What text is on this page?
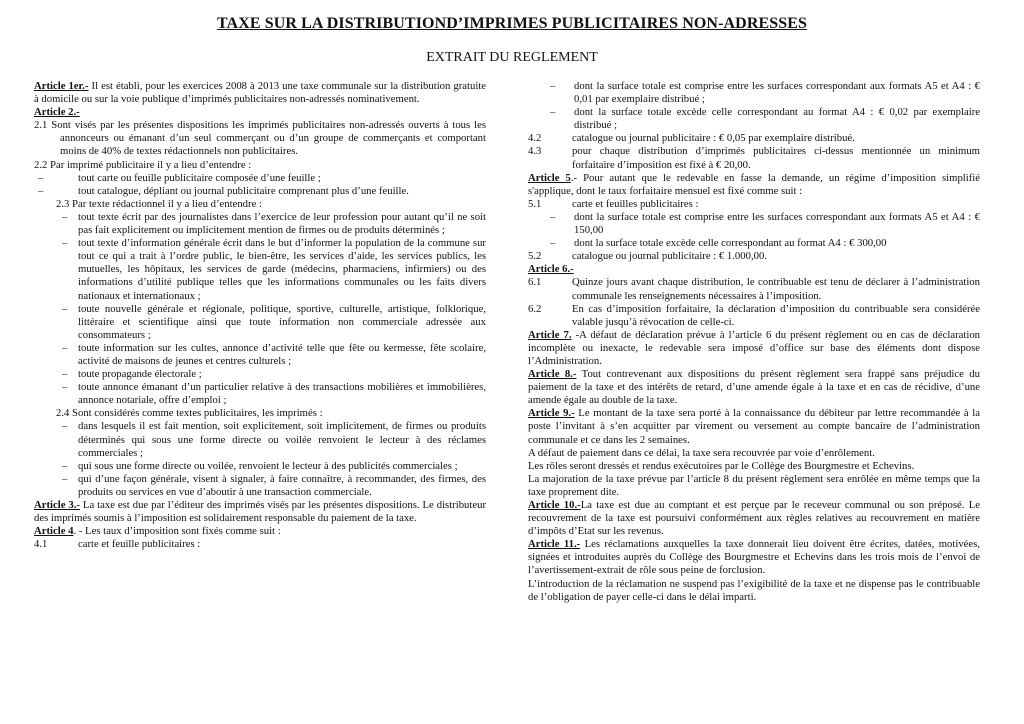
TAXE SUR LA DISTRIBUTIOND’IMPRIMES PUBLICITAIRES NON-ADRESSES
EXTRAIT DU REGLEMENT

Article 1er.- Il est établi, pour les exercices 2008 à 2013 une taxe communale sur la distribution gratuite à domicile ou sur la voie publique d’imprimés publicitaires non-adressés nominativement.

Article 2.-

2.1 Sont visés par les présentes dispositions les imprimés publicitaires non-adressés ouverts à tous les annonceurs ou émanant d’un seul commerçant ou d’un groupe de commerçants et comportant moins de 40% de textes rédactionnels non publicitaires.

2.2 Par imprimé publicitaire il y a lieu d’entendre :

– tout carte ou feuille publicitaire composée d’une feuille ;

– tout catalogue, dépliant ou journal publicitaire comprenant plus d’une feuille.

2.3 Par texte rédactionnel il y a lieu d’entendre :

– tout texte écrit par des journalistes dans l’exercice de leur profession pour autant qu’il ne soit pas fait explicitement ou implicitement mention de firmes ou de produits déterminés ;

– tout texte d’information générale écrit dans le but d’informer la population de la commune sur tout ce qui a trait à l’ordre public, le bien-être, les services d’aide, les services publics, les mutuelles, les hôpitaux, les services de garde (médecins, pharmaciens, infirmiers) ou des informations d’utilité publique telles que les informations communales ou les faits divers nationaux et internationaux ;

– toute nouvelle générale et régionale, politique, sportive, culturelle, artistique, folklorique, littéraire et scientifique ainsi que toute information non commerciale adressée aux consommateurs ;

– toute information sur les cultes, annonce d’activité telle que fête ou kermesse, fête scolaire, activité de maisons de jeunes et centres culturels ;

– toute propagande électorale ;

– toute annonce émanant d’un particulier relative à des transactions mobilières et immobilières, annonce notariale, offre d’emploi ;

2.4 Sont considérés comme textes publicitaires, les imprimés :

– dans lesquels il est fait mention, soit explicitement, soit implicitement, de firmes ou produits déterminés qui sous une forme directe ou voilée renvoient le lecteur à des réclames commerciales ;

– qui sous une forme directe ou voilée, renvoient le lecteur à des publicités commerciales ;

– qui d’une façon générale, visent à signaler, à faire connaître, à recommander, des firmes, des produits ou services en vue d’aboutir à une transaction commerciale.

Article 3.- La taxe est due par l’éditeur des imprimés visés par les présentes dispositions. Le distributeur des imprimés soumis à l’imposition est solidairement responsable du paiement de la taxe.

Article 4. - Les taux d’imposition sont fixés comme suit :

4.1	carte et feuille publicitaires :

– dont la surface totale est comprise entre les surfaces correspondant aux formats A5 et A4 : € 0,01 par exemplaire distribué ;

– dont la surface totale excède celle correspondant au format A4 : € 0,02 par exemplaire distribué ;

4.2	catalogue ou journal publicitaire : € 0,05 par exemplaire distribué.

4.3	pour chaque distribution d’imprimés publicitaires ci-dessus mentionnée un minimum forfaitaire d’imposition est fixé à € 20,00.

Article 5.- Pour autant que le redevable en fasse la demande, un régime d’imposition simplifié s'applique, dont le taux forfaitaire mensuel est fixé comme suit :

5.1	carte et feuilles publicitaires :

– dont la surface totale est comprise entre les surfaces correspondant aux formats A5 et A4 : € 150,00

– dont la surface totale excède celle correspondant au format A4 : € 300,00

5.2	catalogue ou journal publicitaire : € 1.000,00.

Article 6.-

6.1	Quinze jours avant chaque distribution, le contribuable est tenu de déclarer à l’administration communale les renseignements nécessaires à l’imposition.

6.2	En cas d’imposition forfaitaire, la déclaration d’imposition du contribuable sera considérée valable jusqu’à révocation de celle-ci.

Article 7. -A défaut de déclaration prévue à l’article 6 du présent règlement ou en cas de déclaration incomplète ou inexacte, le redevable sera imposé d’office sur base des éléments dont dispose l’Administration.

Article 8.- Tout contrevenant aux dispositions du présent règlement sera frappé sans préjudice du paiement de la taxe et des intérêts de retard, d’une amende égale à la taxe et en cas de récidive, d’une amende égale au double de la taxe.

Article 9.- Le montant de la taxe sera porté à la connaissance du débiteur par lettre recommandée à la poste l’invitant à s’en acquitter par virement ou versement au compte bancaire de l’administration communale et ce dans les 2 semaines.

A défaut de paiement dans ce délai, la taxe sera recouvrée par voie d’enrôlement.

Les rôles seront dressés et rendus exécutoires par le Collège des Bourgmestre et Echevins.

La majoration de la taxe prévue par l’article 8 du présent règlement sera enrôlée en même temps que la taxe proprement dite.

Article 10.-La taxe est due au comptant et est perçue par le receveur communal ou son préposé. Le recouvrement de la taxe est poursuivi conformément aux règles relatives au recouvrement en matière d’impôts d’Etat sur les revenus.

Article 11.- Les réclamations auxquelles la taxe donnerait lieu doivent être écrites, datées, motivées, signées et introduites auprès du Collège des Bourgmestre et Echevins dans les trois mois de l’envoi de l’avertissement-extrait de rôle sous peine de forclusion.

L’introduction de la réclamation ne suspend pas l’exigibilité de la taxe et ne dispense pas le contribuable de l’obligation de payer celle-ci dans le délai imparti.
